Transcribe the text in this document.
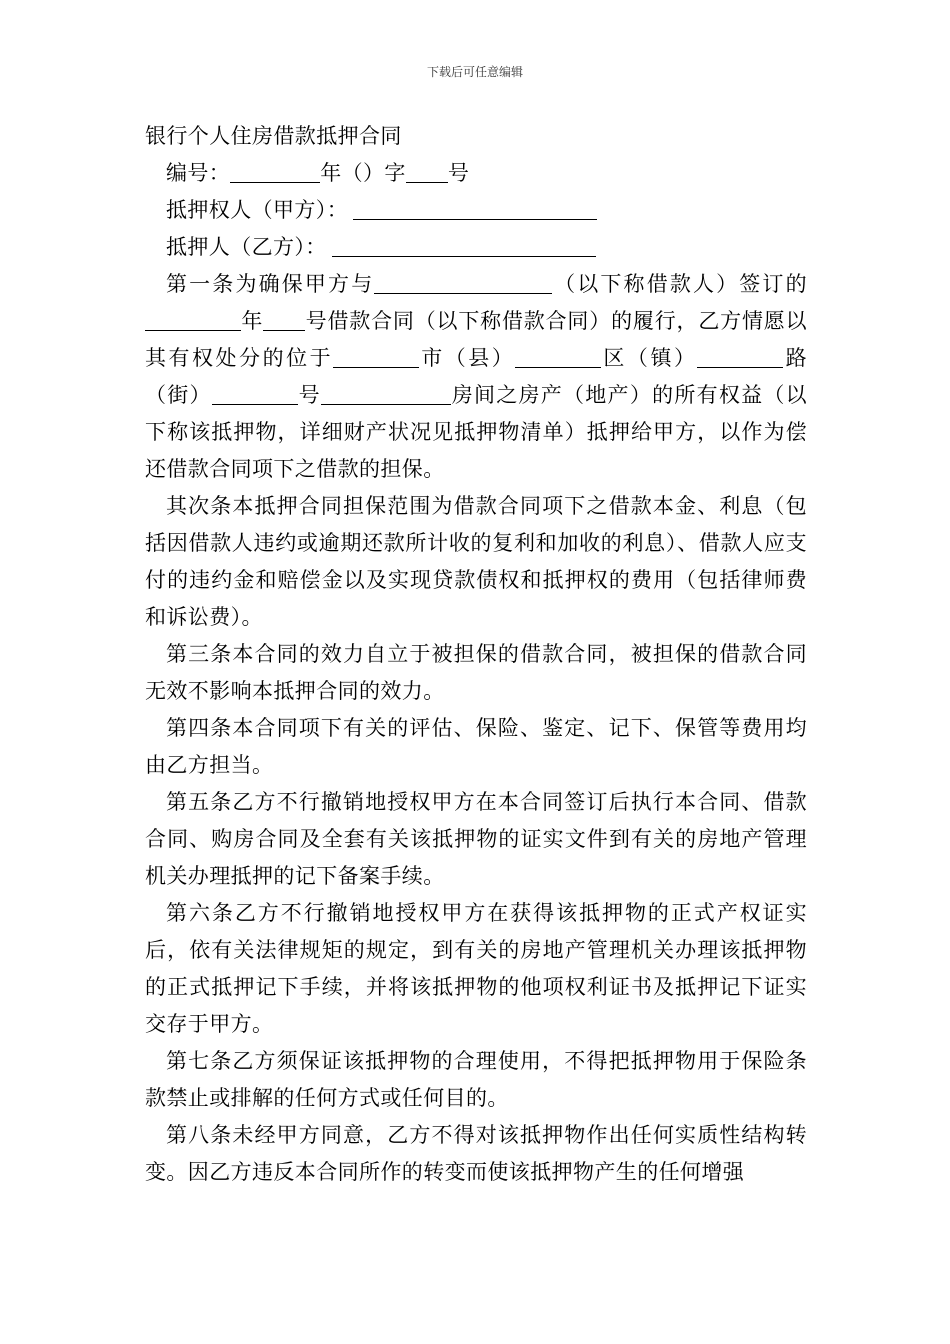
下载后可任意编辑

银行个人住房借款抵押合同

编号：	年（）字 号

抵押权人（甲方）：

抵押人（乙方）：

第一条为确保甲方与	（以下称借款人）签订的年 号借款合同（以下称借款合同）的履行，乙方情愿以其有权处分的位于	市（县）	区（镇）	路（街）	号	房间之房产（地产）的所有权益（以下称该抵押物，详细财产状况见抵押物清单）抵押给甲方，以作为偿还借款合同项下之借款的担保。

其次条本抵押合同担保范围为借款合同项下之借款本金、利息（包括因借款人违约或逾期还款所计收的复利和加收的利息）、借款人应支付的违约金和赔偿金以及实现贷款债权和抵押权的费用（包括律师费和诉讼费）。

第三条本合同的效力自立于被担保的借款合同，被担保的借款合同无效不影响本抵押合同的效力。

第四条本合同项下有关的评估、保险、鉴定、记下、保管等费用均由乙方担当。

第五条乙方不行撤销地授权甲方在本合同签订后执行本合同、借款合同、购房合同及全套有关该抵押物的证实文件到有关的房地产管理机关办理抵押的记下备案手续。

第六条乙方不行撤销地授权甲方在获得该抵押物的正式产权证实后，依有关法律规矩的规定，到有关的房地产管理机关办理该抵押物的正式抵押记下手续，并将该抵押物的他项权利证书及抵押记下证实交存于甲方。

第七条乙方须保证该抵押物的合理使用，不得把抵押物用于保险条款禁止或排解的任何方式或任何目的。

第八条未经甲方同意，乙方不得对该抵押物作出任何实质性结构转变。因乙方违反本合同所作的转变而使该抵押物产生的任何增强
